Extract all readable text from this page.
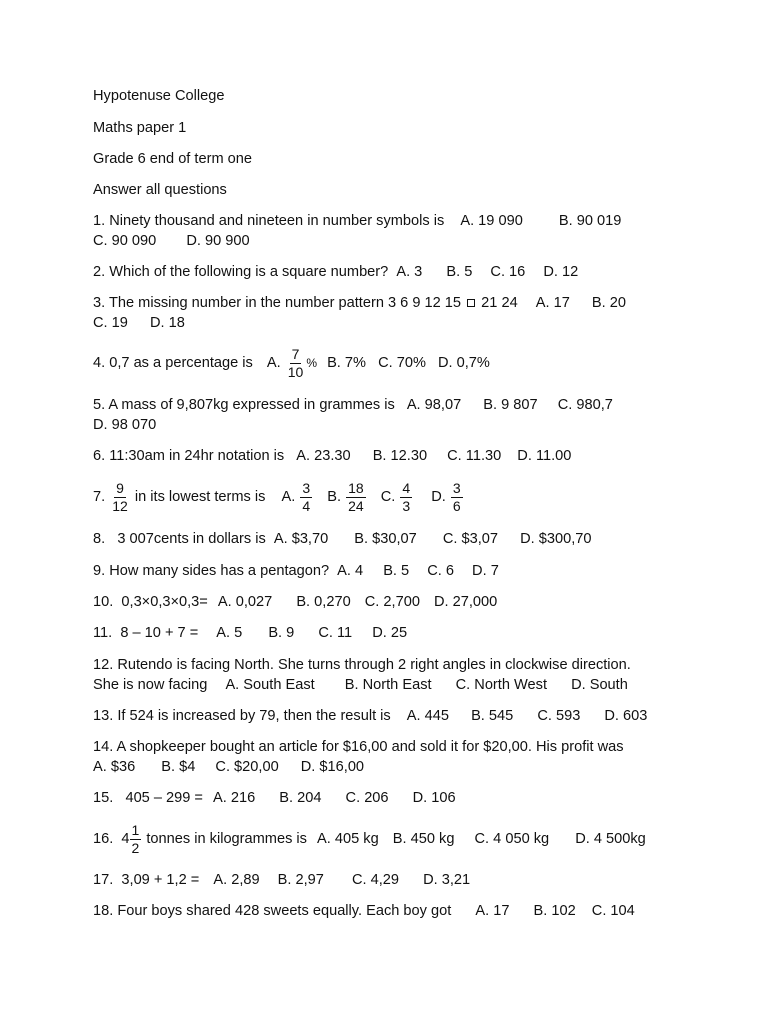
Hypotenuse College
Maths paper 1
Grade 6 end of term one
Answer all questions
1. Ninety thousand and nineteen in number symbols is A. 19 090 B. 90 019
C. 90 090 D. 90 900
2. Which of the following is a square number? A. 3 B. 5 C. 16 D. 12
3. The missing number in the number pattern 3 6 9 12 15 21 24 A. 17 B. 20
C. 19 D. 18
4. 0,7 as a percentage is A. $\frac{7}{10}$ % B. 7% C. 70% D. 0,7%
5. A mass of 9,807kg expressed in grammes is A. 98,07 B. 9 807 C. 980,7
D. 98 070
6. 11:30am in 24hr notation is A. 23.30 B. 12.30 C. 11.30 D. 11.00
7. $\frac{9}{12}$ in its lowest terms is A. $\frac{3}{4} B$. $\frac{18}{24} C$. $\frac{4}{3} D$. $\frac{3}{6}$
8.   3 007cents in dollars is A. $3,70 B. $30,07 C. $3,07 D. $300,70
9. How many sides has a pentagon? A. 4 B. 5 C. 6 D. 7
10.  0,3×0,3×0,3= A. 0,027 B. 0,270 C. 2,700 D. 27,000
11.  8 – 10 + 7 = A. 5 B. 9 C. 11 D. 25
12. Rutendo is facing North. She turns through 2 right angles in clockwise direction.
She is now facing A. South East B. North East C. North West D. South
13. If 524 is increased by 79, then the result is A. 445 B. 545 C. 593 D. 603
14. A shopkeeper bought an article for $16,00 and sold it for $20,00. His profit was
A. $36 B. $4 C. $20,00 D. $16,00
15.   405 – 299 = A. 216 B. 204 C. 206 D. 106
16.  $4 \frac{1}{2}$ tonnes in kilogrammes is A. 405 kg B. 450 kg C. 4 050 kg D. 4 500kg
17.  3,09 + 1,2 = A. 2,89 B. 2,97 C. 4,29 D. 3,21
18. Four boys shared 428 sweets equally. Each boy got A. 17 B. 102 C. 104
